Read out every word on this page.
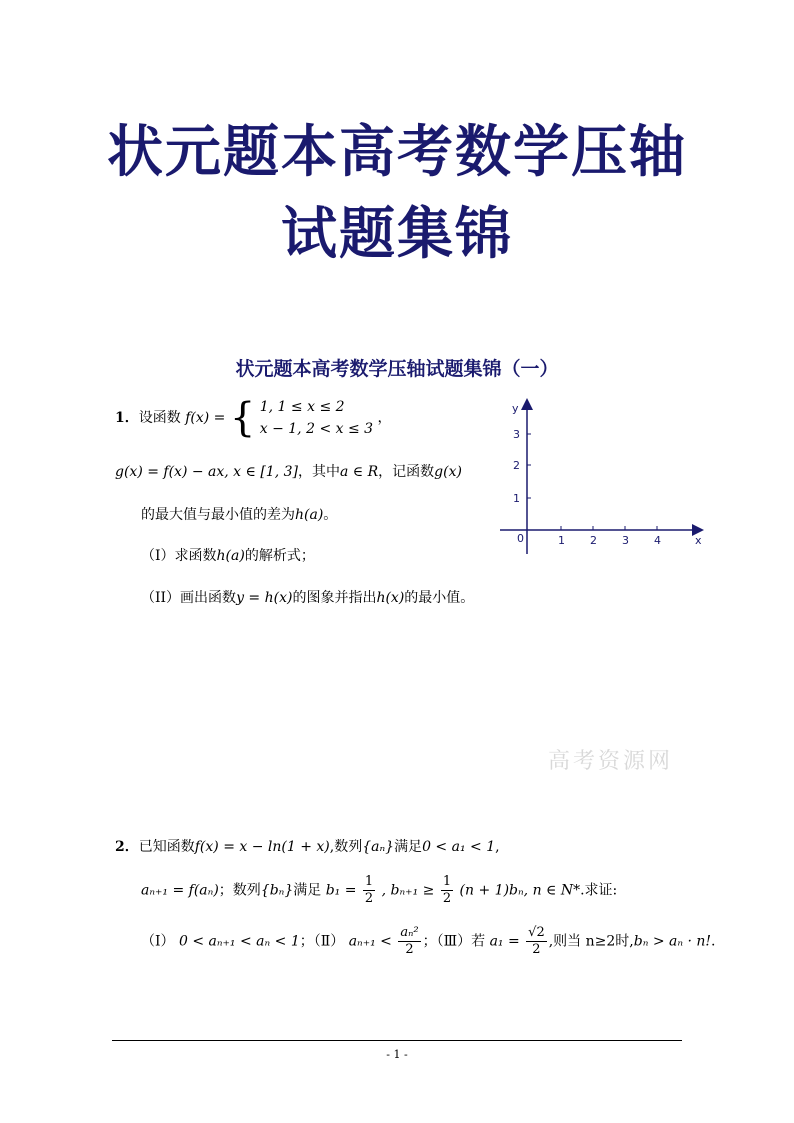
状元题本高考数学压轴
试题集锦
状元题本高考数学压轴试题集锦（一）
1．设函数 f(x) = { 1, 1 ≤ x ≤ 2
x − 1, 2 < x ≤ 3
，
g(x) = f(x) − ax, x ∈ [1, 3]，其中a ∈ R，记函数g(x)
的最大值与最小值的差为h(a)。
（I）求函数h(a)的解析式；
（II）画出函数y = h(x)的图象并指出h(x)的最小值。
x
y
0	1 2 3 4
1
2
3
高考资源网
2．已知函数f(x) = x − ln(1 + x),数列{aₙ}满足0 < a₁ < 1,
aₙ₊₁ = f(aₙ)；数列{bₙ}满足 $b_1 = \frac{1}{2}$ , $b_{n+1} \ge \frac{1}{2} (n + 1)b_n$, n ∈ N*.求证:
（Ⅰ） 0 < aₙ₊₁ < aₙ < 1；（Ⅱ） $a_{n+1} < \frac{\text{aₙ²}}{2}$ ；（Ⅲ）若 $a_1 = \frac{√2}{2}$ ,则当 n≥2时,bₙ > aₙ · n!.
- 1 -
